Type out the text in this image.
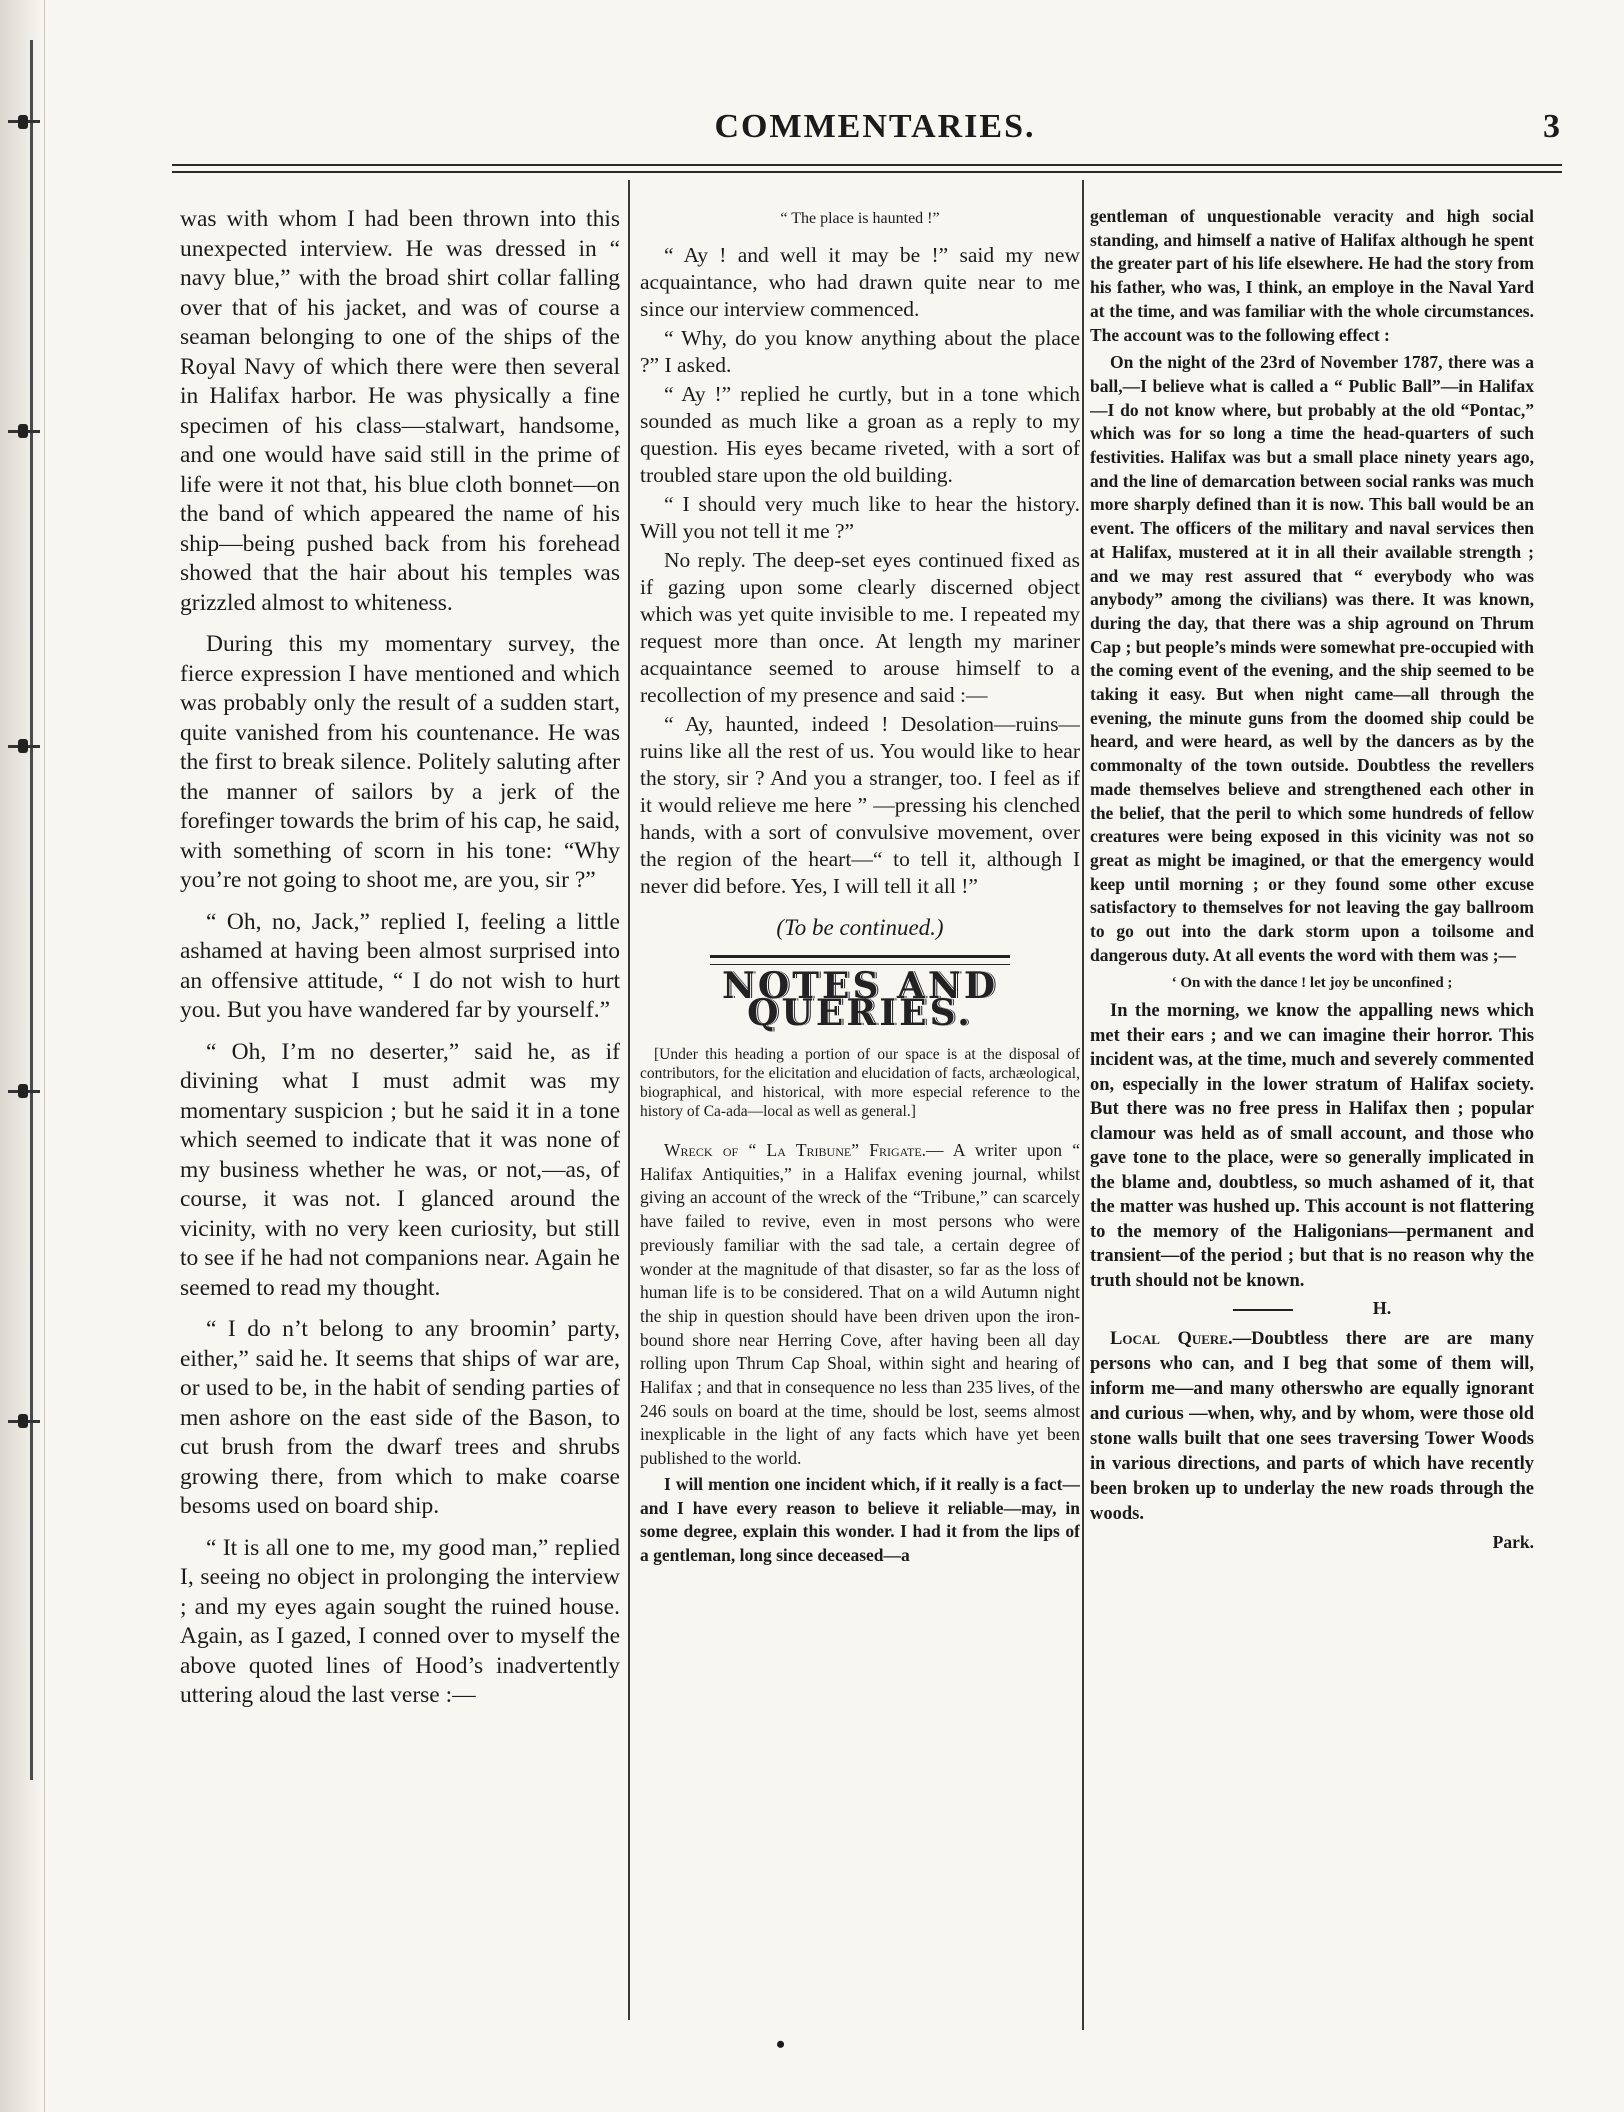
COMMENTARIES.	3

was with whom I had been thrown into this unexpected interview. He was dressed in “ navy blue,” with the broad shirt collar falling over that of his jacket, and was of course a seaman belonging to one of the ships of the Royal Navy of which there were then several in Halifax harbor. He was physically a fine specimen of his class—stalwart, handsome, and one would have said still in the prime of life were it not that, his blue cloth bonnet—on the band of which appeared the name of his ship—being pushed back from his forehead showed that the hair about his temples was grizzled almost to whiteness.

During this my momentary survey, the fierce expression I have mentioned and which was probably only the result of a sudden start, quite vanished from his countenance. He was the first to break silence. Politely saluting after the manner of sailors by a jerk of the forefinger towards the brim of his cap, he said, with something of scorn in his tone: “Why you’re not going to shoot me, are you, sir ?”

“ Oh, no, Jack,” replied I, feeling a little ashamed at having been almost surprised into an offensive attitude, “ I do not wish to hurt you. But you have wandered far by yourself.”

“ Oh, I’m no deserter,” said he, as if divining what I must admit was my momentary suspicion ; but he said it in a tone which seemed to indicate that it was none of my business whether he was, or not,—as, of course, it was not. I glanced around the vicinity, with no very keen curiosity, but still to see if he had not companions near. Again he seemed to read my thought.

“ I do n’t belong to any broomin’ party, either,” said he. It seems that ships of war are, or used to be, in the habit of sending parties of men ashore on the east side of the Bason, to cut brush from the dwarf trees and shrubs growing there, from which to make coarse besoms used on board ship.

“ It is all one to me, my good man,” replied I, seeing no object in prolonging the interview ; and my eyes again sought the ruined house. Again, as I gazed, I conned over to myself the above quoted lines of Hood’s inadvertently uttering aloud the last verse :—

“ The place is haunted !”

“ Ay ! and well it may be !” said my new acquaintance, who had drawn quite near to me since our interview commenced.

“ Why, do you know anything about the place ?” I asked.

“ Ay !” replied he curtly, but in a tone which sounded as much like a groan as a reply to my question. His eyes became riveted, with a sort of troubled stare upon the old building.

“ I should very much like to hear the history. Will you not tell it me ?”

No reply. The deep-set eyes continued fixed as if gazing upon some clearly discerned object which was yet quite invisible to me. I repeated my request more than once. At length my mariner acquaintance seemed to arouse himself to a recollection of my presence and said :—

“ Ay, haunted, indeed ! Desolation—ruins—ruins like all the rest of us. You would like to hear the story, sir ? And you a stranger, too. I feel as if it would relieve me here ” —pressing his clenched hands, with a sort of convulsive movement, over the region of the heart—“ to tell it, although I never did before. Yes, I will tell it all !”

(To be continued.)

NOTES AND QUERIES.

[Under this heading a portion of our space is at the disposal of contributors, for the elicitation and elucidation of facts, archæological, biographical, and historical, with more especial reference to the history of Ca-ada—local as well as general.]

Wreck of “ La Tribune” Frigate.— A writer upon “ Halifax Antiquities,” in a Halifax evening journal, whilst giving an account of the wreck of the “Tribune,” can scarcely have failed to revive, even in most persons who were previously familiar with the sad tale, a certain degree of wonder at the magnitude of that disaster, so far as the loss of human life is to be considered. That on a wild Autumn night the ship in question should have been driven upon the iron-bound shore near Herring Cove, after having been all day rolling upon Thrum Cap Shoal, within sight and hearing of Halifax ; and that in consequence no less than 235 lives, of the 246 souls on board at the time, should be lost, seems almost inexplicable in the light of any facts which have yet been published to the world.

I will mention one incident which, if it really is a fact—and I have every reason to believe it reliable—may, in some degree, explain this wonder. I had it from the lips of a gentleman, long since deceased—a

gentleman of unquestionable veracity and high social standing, and himself a native of Halifax although he spent the greater part of his life elsewhere. He had the story from his father, who was, I think, an employe in the Naval Yard at the time, and was familiar with the whole circumstances. The account was to the following effect :

On the night of the 23rd of November 1787, there was a ball,—I believe what is called a “ Public Ball”—in Halifax—I do not know where, but probably at the old “Pontac,” which was for so long a time the head-quarters of such festivities. Halifax was but a small place ninety years ago, and the line of demarcation between social ranks was much more sharply defined than it is now. This ball would be an event. The officers of the military and naval services then at Halifax, mustered at it in all their available strength ; and we may rest assured that “ everybody who was anybody” among the civilians) was there. It was known, during the day, that there was a ship aground on Thrum Cap ; but people’s minds were somewhat pre-occupied with the coming event of the evening, and the ship seemed to be taking it easy. But when night came—all through the evening, the minute guns from the doomed ship could be heard, and were heard, as well by the dancers as by the commonalty of the town outside. Doubtless the revellers made themselves believe and strengthened each other in the belief, that the peril to which some hundreds of fellow creatures were being exposed in this vicinity was not so great as might be imagined, or that the emergency would keep until morning ; or they found some other excuse satisfactory to themselves for not leaving the gay ballroom to go out into the dark storm upon a toilsome and dangerous duty. At all events the word with them was ;—

‘ On with the dance ! let joy be unconfined ;

In the morning, we know the appalling news which met their ears ; and we can imagine their horror. This incident was, at the time, much and severely commented on, especially in the lower stratum of Halifax society. But there was no free press in Halifax then ; popular clamour was held as of small account, and those who gave tone to the place, were so generally implicated in the blame and, doubtless, so much ashamed of it, that the matter was hushed up. This account is not flattering to the memory of the Haligonians—permanent and transient—of the period ; but that is no reason why the truth should not be known.

H.

Local Quere.—Doubtless there are are many persons who can, and I beg that some of them will, inform me—and many otherswho are equally ignorant and curious —when, why, and by whom, were those old stone walls built that one sees traversing Tower Woods in various directions, and parts of which have recently been broken up to underlay the new roads through the woods.

Park.

•
